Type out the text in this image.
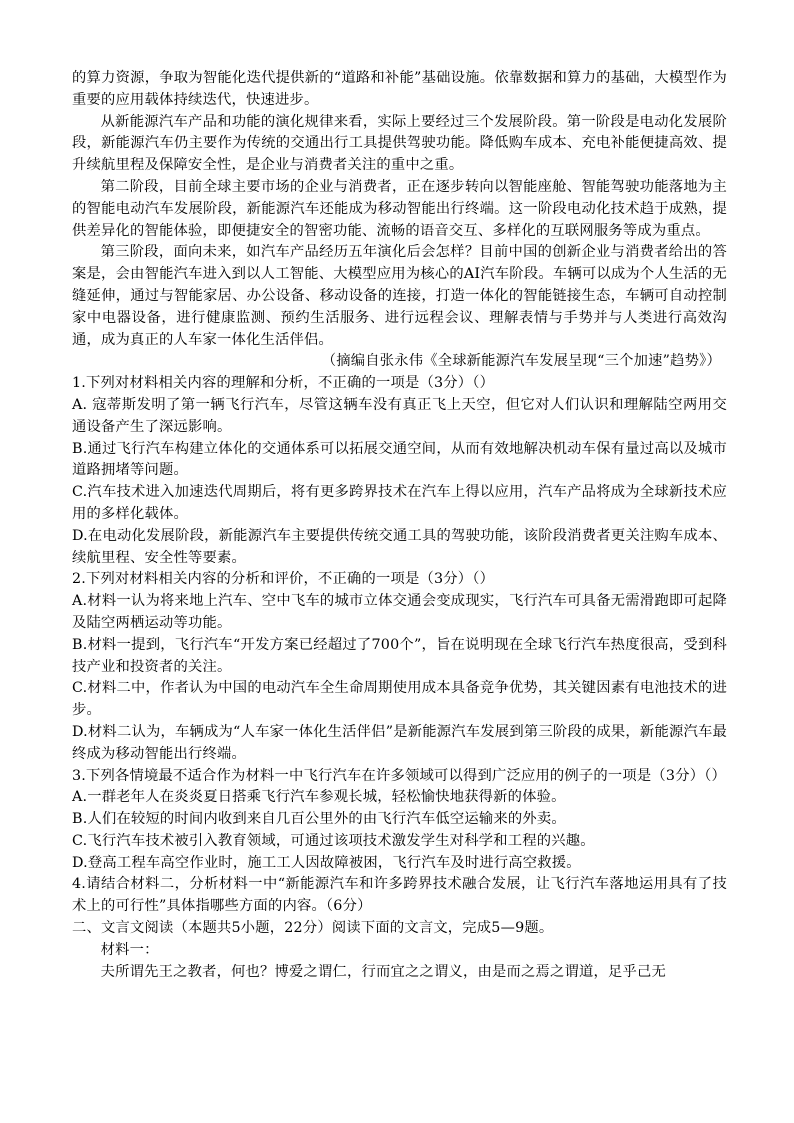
的算力资源，争取为智能化迭代提供新的“道路和补能”基础设施。依靠数据和算力的基础，大模型作为重要的应用载体持续迭代，快速进步。

从新能源汽车产品和功能的演化规律来看，实际上要经过三个发展阶段。第一阶段是电动化发展阶段，新能源汽车仍主要作为传统的交通出行工具提供驾驶功能。降低购车成本、充电补能便捷高效、提升续航里程及保障安全性，是企业与消费者关注的重中之重。

第二阶段，目前全球主要市场的企业与消费者，正在逐步转向以智能座舱、智能驾驶功能落地为主的智能电动汽车发展阶段，新能源汽车还能成为移动智能出行终端。这一阶段电动化技术趋于成熟，提供差异化的智能体验，即便捷安全的智密功能、流畅的语音交互、多样化的互联网服务等成为重点。

第三阶段，面向未来，如汽车产品经历五年演化后会怎样？目前中国的创新企业与消费者给出的答案是，会由智能汽车进入到以人工智能、大模型应用为核心的AI汽车阶段。车辆可以成为个人生活的无缝延伸，通过与智能家居、办公设备、移动设备的连接，打造一体化的智能链接生态，车辆可自动控制家中电器设备，进行健康监测、预约生活服务、进行远程会议、理解表情与手势并与人类进行高效沟通，成为真正的人车家一体化生活伴侣。

（摘编自张永伟《全球新能源汽车发展呈现“三个加速”趋势》）

1.下列对材料相关内容的理解和分析，不正确的一项是（3分）（）

A. 寇蒂斯发明了第一辆飞行汽车，尽管这辆车没有真正飞上天空，但它对人们认识和理解陆空两用交通设备产生了深远影响。

B.通过飞行汽车构建立体化的交通体系可以拓展交通空间，从而有效地解决机动车保有量过高以及城市道路拥堵等问题。

C.汽车技术进入加速迭代周期后，将有更多跨界技术在汽车上得以应用，汽车产品将成为全球新技术应用的多样化载体。

D.在电动化发展阶段，新能源汽车主要提供传统交通工具的驾驶功能，该阶段消费者更关注购车成本、续航里程、安全性等要素。

2.下列对材料相关内容的分析和评价，不正确的一项是（3分）（）

A.材料一认为将来地上汽车、空中飞车的城市立体交通会变成现实，飞行汽车可具备无需滑跑即可起降及陆空两栖运动等功能。

B.材料一提到，飞行汽车“开发方案已经超过了700个”，旨在说明现在全球飞行汽车热度很高，受到科技产业和投资者的关注。

C.材料二中，作者认为中国的电动汽车全生命周期使用成本具备竞争优势，其关键因素有电池技术的进步。

D.材料二认为，车辆成为“人车家一体化生活伴侣”是新能源汽车发展到第三阶段的成果，新能源汽车最终成为移动智能出行终端。

3.下列各情境最不适合作为材料一中飞行汽车在许多领域可以得到广泛应用的例子的一项是（3分）（）

A.一群老年人在炎炎夏日搭乘飞行汽车参观长城，轻松愉快地获得新的体验。

B.人们在较短的时间内收到来自几百公里外的由飞行汽车低空运输来的外卖。

C.飞行汽车技术被引入教育领域，可通过该项技术激发学生对科学和工程的兴趣。

D.登高工程车高空作业时，施工工人因故障被困，飞行汽车及时进行高空救援。

4.请结合材料二，分析材料一中“新能源汽车和许多跨界技术融合发展，让飞行汽车落地运用具有了技术上的可行性”具体指哪些方面的内容。（6分）

二、文言文阅读（本题共5小题，22分）阅读下面的文言文，完成5—9题。

材料一：

夫所谓先王之教者，何也？博爱之谓仁，行而宜之之谓义，由是而之焉之谓道，足乎己无
